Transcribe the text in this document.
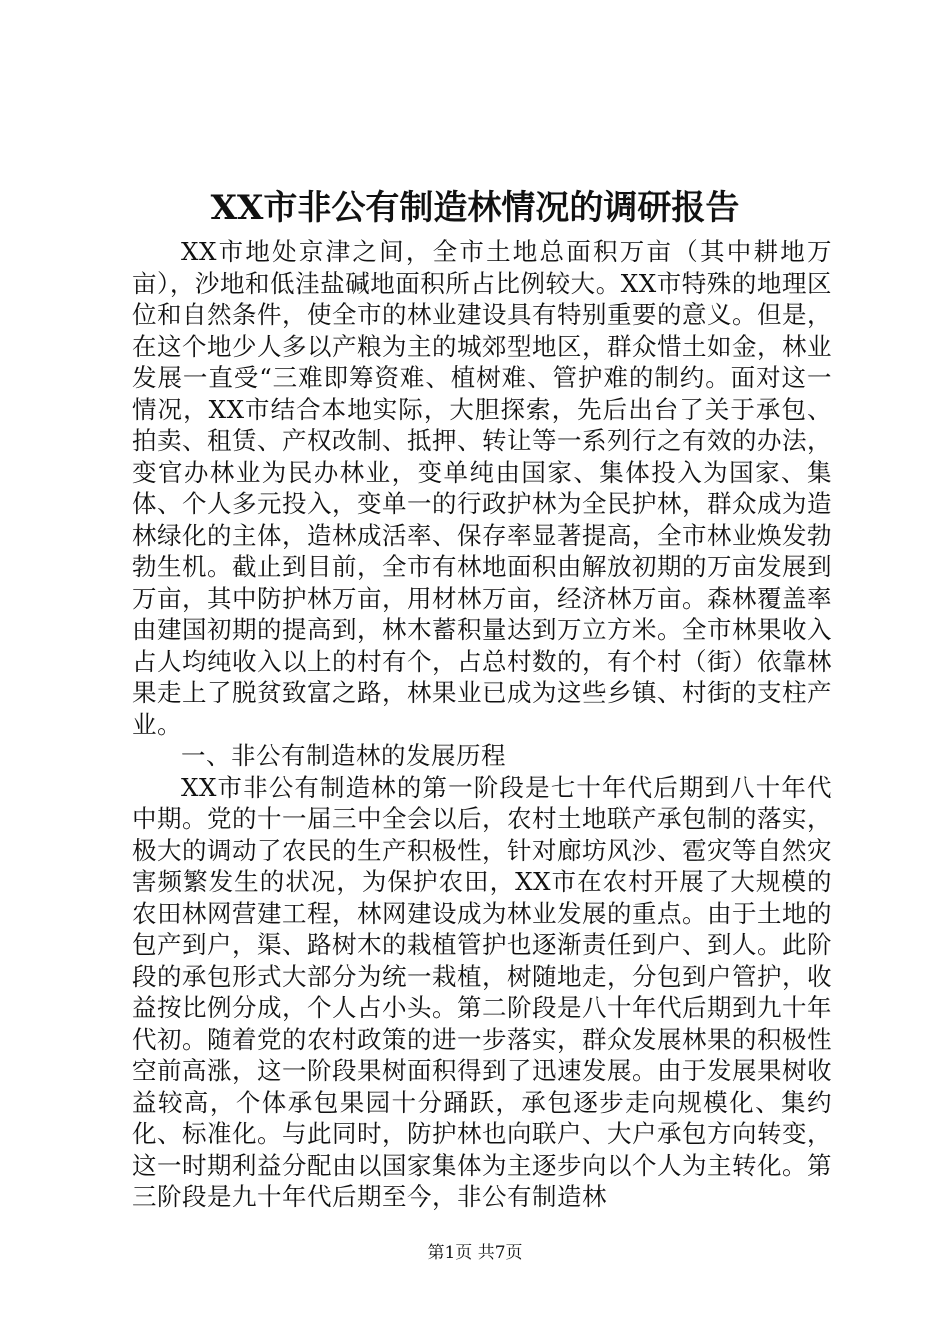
XX市非公有制造林情况的调研报告

XX市地处京津之间，全市土地总面积万亩（其中耕地万亩），沙地和低洼盐碱地面积所占比例较大。XX市特殊的地理区位和自然条件，使全市的林业建设具有特别重要的意义。但是，在这个地少人多以产粮为主的城郊型地区，群众惜土如金，林业发展一直受“三难即筹资难、植树难、管护难的制约。面对这一情况，XX市结合本地实际，大胆探索，先后出台了关于承包、拍卖、租赁、产权改制、抵押、转让等一系列行之有效的办法，变官办林业为民办林业，变单纯由国家、集体投入为国家、集体、个人多元投入，变单一的行政护林为全民护林，群众成为造林绿化的主体，造林成活率、保存率显著提高，全市林业焕发勃勃生机。截止到目前，全市有林地面积由解放初期的万亩发展到万亩，其中防护林万亩，用材林万亩，经济林万亩。森林覆盖率由建国初期的提高到，林木蓄积量达到万立方米。全市林果收入占人均纯收入以上的村有个，占总村数的，有个村（街）依靠林果走上了脱贫致富之路，林果业已成为这些乡镇、村街的支柱产业。

一、非公有制造林的发展历程

XX市非公有制造林的第一阶段是七十年代后期到八十年代中期。党的十一届三中全会以后，农村土地联产承包制的落实，极大的调动了农民的生产积极性，针对廊坊风沙、雹灾等自然灾害频繁发生的状况，为保护农田，XX市在农村开展了大规模的农田林网营建工程，林网建设成为林业发展的重点。由于土地的包产到户，渠、路树木的栽植管护也逐渐责任到户、到人。此阶段的承包形式大部分为统一栽植，树随地走，分包到户管护，收益按比例分成，个人占小头。第二阶段是八十年代后期到九十年代初。随着党的农村政策的进一步落实，群众发展林果的积极性空前高涨，这一阶段果树面积得到了迅速发展。由于发展果树收益较高，个体承包果园十分踊跃，承包逐步走向规模化、集约化、标准化。与此同时，防护林也向联户、大户承包方向转变，这一时期利益分配由以国家集体为主逐步向以个人为主转化。第三阶段是九十年代后期至今，非公有制造林

第1页 共7页
